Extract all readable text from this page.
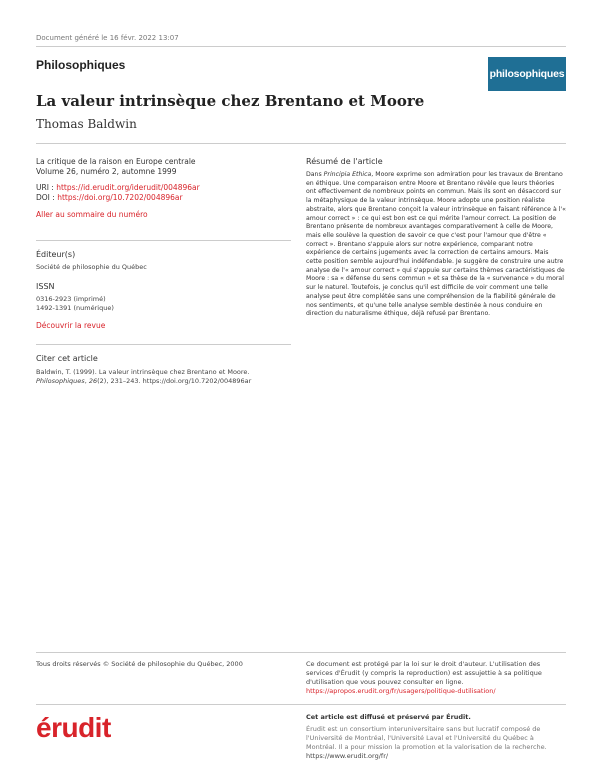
Document généré le 16 févr. 2022 13:07
Philosophiques
philosophiques
La valeur intrinsèque chez Brentano et Moore
Thomas Baldwin
La critique de la raison en Europe centrale
Volume 26, numéro 2, automne 1999
URI : https://id.erudit.org/iderudit/004896ar
DOI : https://doi.org/10.7202/004896ar
Aller au sommaire du numéro
Éditeur(s)
Société de philosophie du Québec
ISSN
0316-2923 (imprimé)
1492-1391 (numérique)
Découvrir la revue
Citer cet article
Baldwin, T. (1999). La valeur intrinsèque chez Brentano et Moore.
Philosophiques, 26(2), 231–243. https://doi.org/10.7202/004896ar
Résumé de l'article
Dans Principia Ethica, Moore exprime son admiration pour les travaux de Brentano en éthique. Une comparaison entre Moore et Brentano révèle que leurs théories ont effectivement de nombreux points en commun. Mais ils sont en désaccord sur la métaphysique de la valeur intrinsèque. Moore adopte une position réaliste abstraite, alors que Brentano conçoit la valeur intrinsèque en faisant référence à l'« amour correct » : ce qui est bon est ce qui mérite l'amour correct. La position de Brentano présente de nombreux avantages comparativement à celle de Moore, mais elle soulève la question de savoir ce que c'est pour l'amour que d'être « correct ». Brentano s'appuie alors sur notre expérience, comparant notre expérience de certains jugements avec la correction de certains amours. Mais cette position semble aujourd'hui indéfendable. Je suggère de construire une autre analyse de l'« amour correct » qui s'appuie sur certains thèmes caractéristiques de Moore : sa « défense du sens commun » et sa thèse de la « survenance » du moral sur le naturel. Toutefois, je conclus qu'il est difficile de voir comment une telle analyse peut être complétée sans une compréhension de la fiabilité générale de nos sentiments, et qu'une telle analyse semble destinée à nous conduire en direction du naturalisme éthique, déjà refusé par Brentano.
Tous droits réservés © Société de philosophie du Québec, 2000	Ce document est protégé par la loi sur le droit d'auteur. L'utilisation des services d'Érudit (y compris la reproduction) est assujettie à sa politique d'utilisation que vous pouvez consulter en ligne.
https://apropos.erudit.org/fr/usagers/politique-dutilisation/
érudit	Cet article est diffusé et préservé par Érudit.
Érudit est un consortium interuniversitaire sans but lucratif composé de l'Université de Montréal, l'Université Laval et l'Université du Québec à Montréal. Il a pour mission la promotion et la valorisation de la recherche.
https://www.erudit.org/fr/
